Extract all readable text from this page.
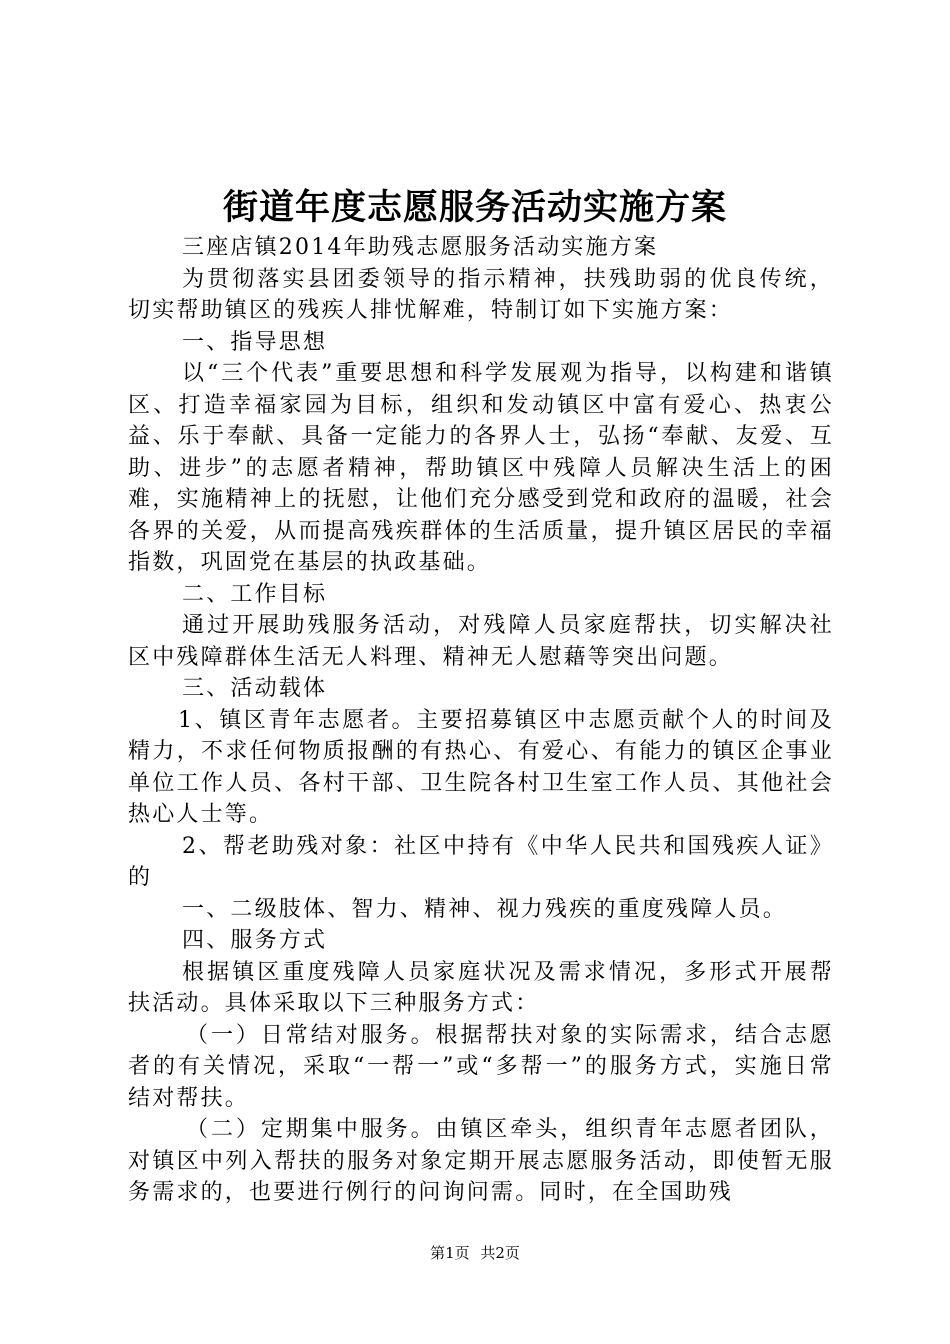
街道年度志愿服务活动实施方案

三座店镇2014年助残志愿服务活动实施方案

为贯彻落实县团委领导的指示精神，扶残助弱的优良传统，切实帮助镇区的残疾人排忧解难，特制订如下实施方案：

一、指导思想

以“三个代表”重要思想和科学发展观为指导，以构建和谐镇区、打造幸福家园为目标，组织和发动镇区中富有爱心、热衷公益、乐于奉献、具备一定能力的各界人士，弘扬“奉献、友爱、互助、进步”的志愿者精神，帮助镇区中残障人员解决生活上的困难，实施精神上的抚慰，让他们充分感受到党和政府的温暖，社会各界的关爱，从而提高残疾群体的生活质量，提升镇区居民的幸福指数，巩固党在基层的执政基础。

二、工作目标

通过开展助残服务活动，对残障人员家庭帮扶，切实解决社区中残障群体生活无人料理、精神无人慰藉等突出问题。

三、活动载体

1、镇区青年志愿者。主要招募镇区中志愿贡献个人的时间及精力，不求任何物质报酬的有热心、有爱心、有能力的镇区企事业单位工作人员、各村干部、卫生院各村卫生室工作人员、其他社会热心人士等。

2、帮老助残对象：社区中持有《中华人民共和国残疾人证》的

一、二级肢体、智力、精神、视力残疾的重度残障人员。

四、服务方式

根据镇区重度残障人员家庭状况及需求情况，多形式开展帮扶活动。具体采取以下三种服务方式：

（一）日常结对服务。根据帮扶对象的实际需求，结合志愿者的有关情况，采取“一帮一”或“多帮一”的服务方式，实施日常结对帮扶。

（二）定期集中服务。由镇区牵头，组织青年志愿者团队，对镇区中列入帮扶的服务对象定期开展志愿服务活动，即使暂无服务需求的，也要进行例行的问询问需。同时，在全国助残

第1页 共2页
